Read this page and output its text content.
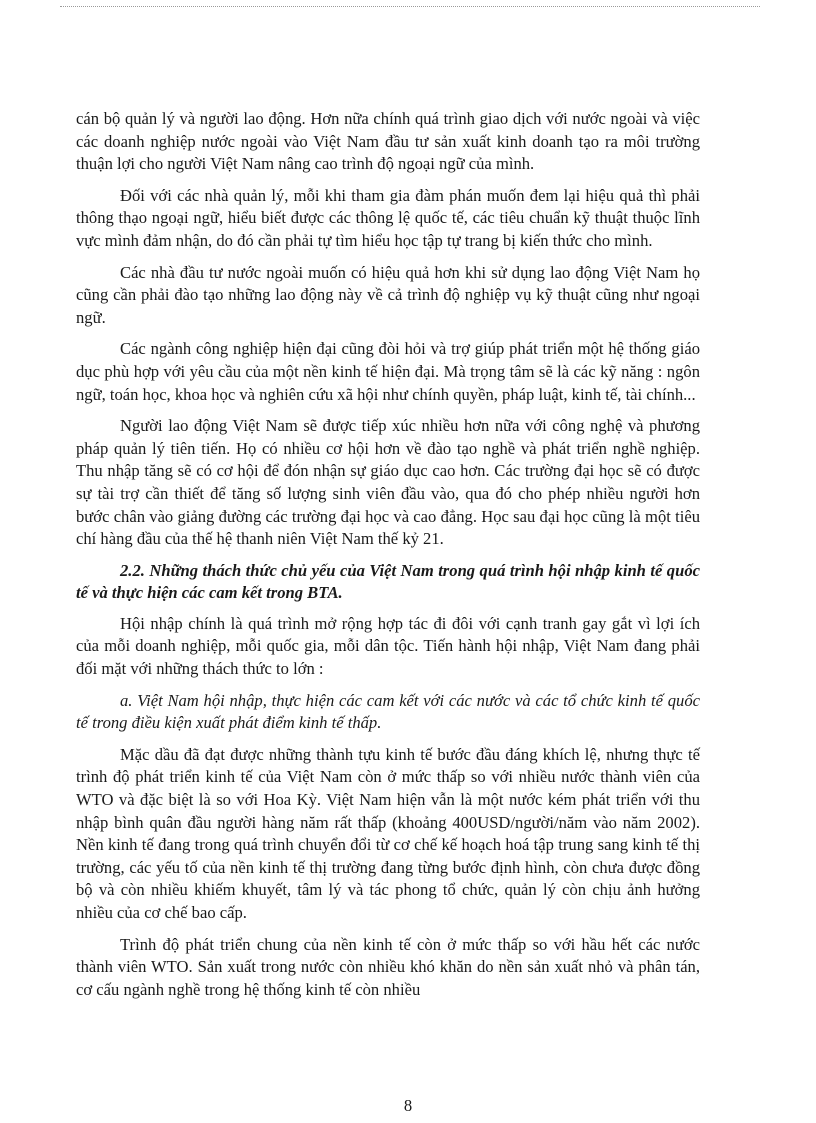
cán bộ quản lý và người lao động. Hơn nữa chính quá trình giao dịch với nước ngoài và việc các doanh nghiệp nước ngoài vào Việt Nam đầu tư sản xuất kinh doanh tạo ra môi trường thuận lợi cho người Việt Nam nâng cao trình độ ngoại ngữ của mình.

Đối với các nhà quản lý, mỗi khi tham gia đàm phán muốn đem lại hiệu quả thì phải thông thạo ngoại ngữ, hiểu biết được các thông lệ quốc tế, các tiêu chuẩn kỹ thuật thuộc lĩnh vực mình đảm nhận, do đó cần phải tự tìm hiểu học tập tự trang bị kiến thức cho mình.

Các nhà đầu tư nước ngoài muốn có hiệu quả hơn khi sử dụng lao động Việt Nam họ cũng cần phải đào tạo những lao động này về cả trình độ nghiệp vụ kỹ thuật cũng như ngoại ngữ.

Các ngành công nghiệp hiện đại cũng đòi hỏi và trợ giúp phát triển một hệ thống giáo dục phù hợp với yêu cầu của một nền kinh tế hiện đại. Mà trọng tâm sẽ là các kỹ năng : ngôn ngữ, toán học, khoa học và nghiên cứu xã hội như chính quyền, pháp luật, kinh tế, tài chính...

Người lao động Việt Nam sẽ được tiếp xúc nhiều hơn nữa với công nghệ và phương pháp quản lý tiên tiến. Họ có nhiều cơ hội hơn về đào tạo nghề và phát triển nghề nghiệp. Thu nhập tăng sẽ có cơ hội để đón nhận sự giáo dục cao hơn. Các trường đại học sẽ có được sự tài trợ cần thiết để tăng số lượng sinh viên đầu vào, qua đó cho phép nhiều người hơn bước chân vào giảng đường các trường đại học và cao đẳng. Học sau đại học cũng là một tiêu chí hàng đầu của thế hệ thanh niên Việt Nam thế kỷ 21.

2.2. Những thách thức chủ yếu của Việt Nam trong quá trình hội nhập kinh tế quốc tế và thực hiện các cam kết trong BTA.

Hội nhập chính là quá trình mở rộng hợp tác đi đôi với cạnh tranh gay gắt vì lợi ích của mỗi doanh nghiệp, mỗi quốc gia, mỗi dân tộc. Tiến hành hội nhập, Việt Nam đang phải đối mặt với những thách thức to lớn :

a. Việt Nam hội nhập, thực hiện các cam kết với các nước và các tổ chức kinh tế quốc tế trong điều kiện xuất phát điểm kinh tế thấp.

Mặc dầu đã đạt được những thành tựu kinh tế bước đầu đáng khích lệ, nhưng thực tế trình độ phát triển kinh tế của Việt Nam còn ở mức thấp so với nhiều nước thành viên của WTO và đặc biệt là so với Hoa Kỳ. Việt Nam hiện vẫn là một nước kém phát triển với thu nhập bình quân đầu người hàng năm rất thấp (khoảng 400USD/người/năm vào năm 2002). Nền kinh tế đang trong quá trình chuyển đổi từ cơ chế kế hoạch hoá tập trung sang kinh tế thị trường, các yếu tố của nền kinh tế thị trường đang từng bước định hình, còn chưa được đồng bộ và còn nhiều khiếm khuyết, tâm lý và tác phong tổ chức, quản lý còn chịu ảnh hưởng nhiều của cơ chế bao cấp.

Trình độ phát triển chung của nền kinh tế còn ở mức thấp so với hầu hết các nước thành viên WTO. Sản xuất trong nước còn nhiều khó khăn do nền sản xuất nhỏ và phân tán, cơ cấu ngành nghề trong hệ thống kinh tế còn nhiều

8
